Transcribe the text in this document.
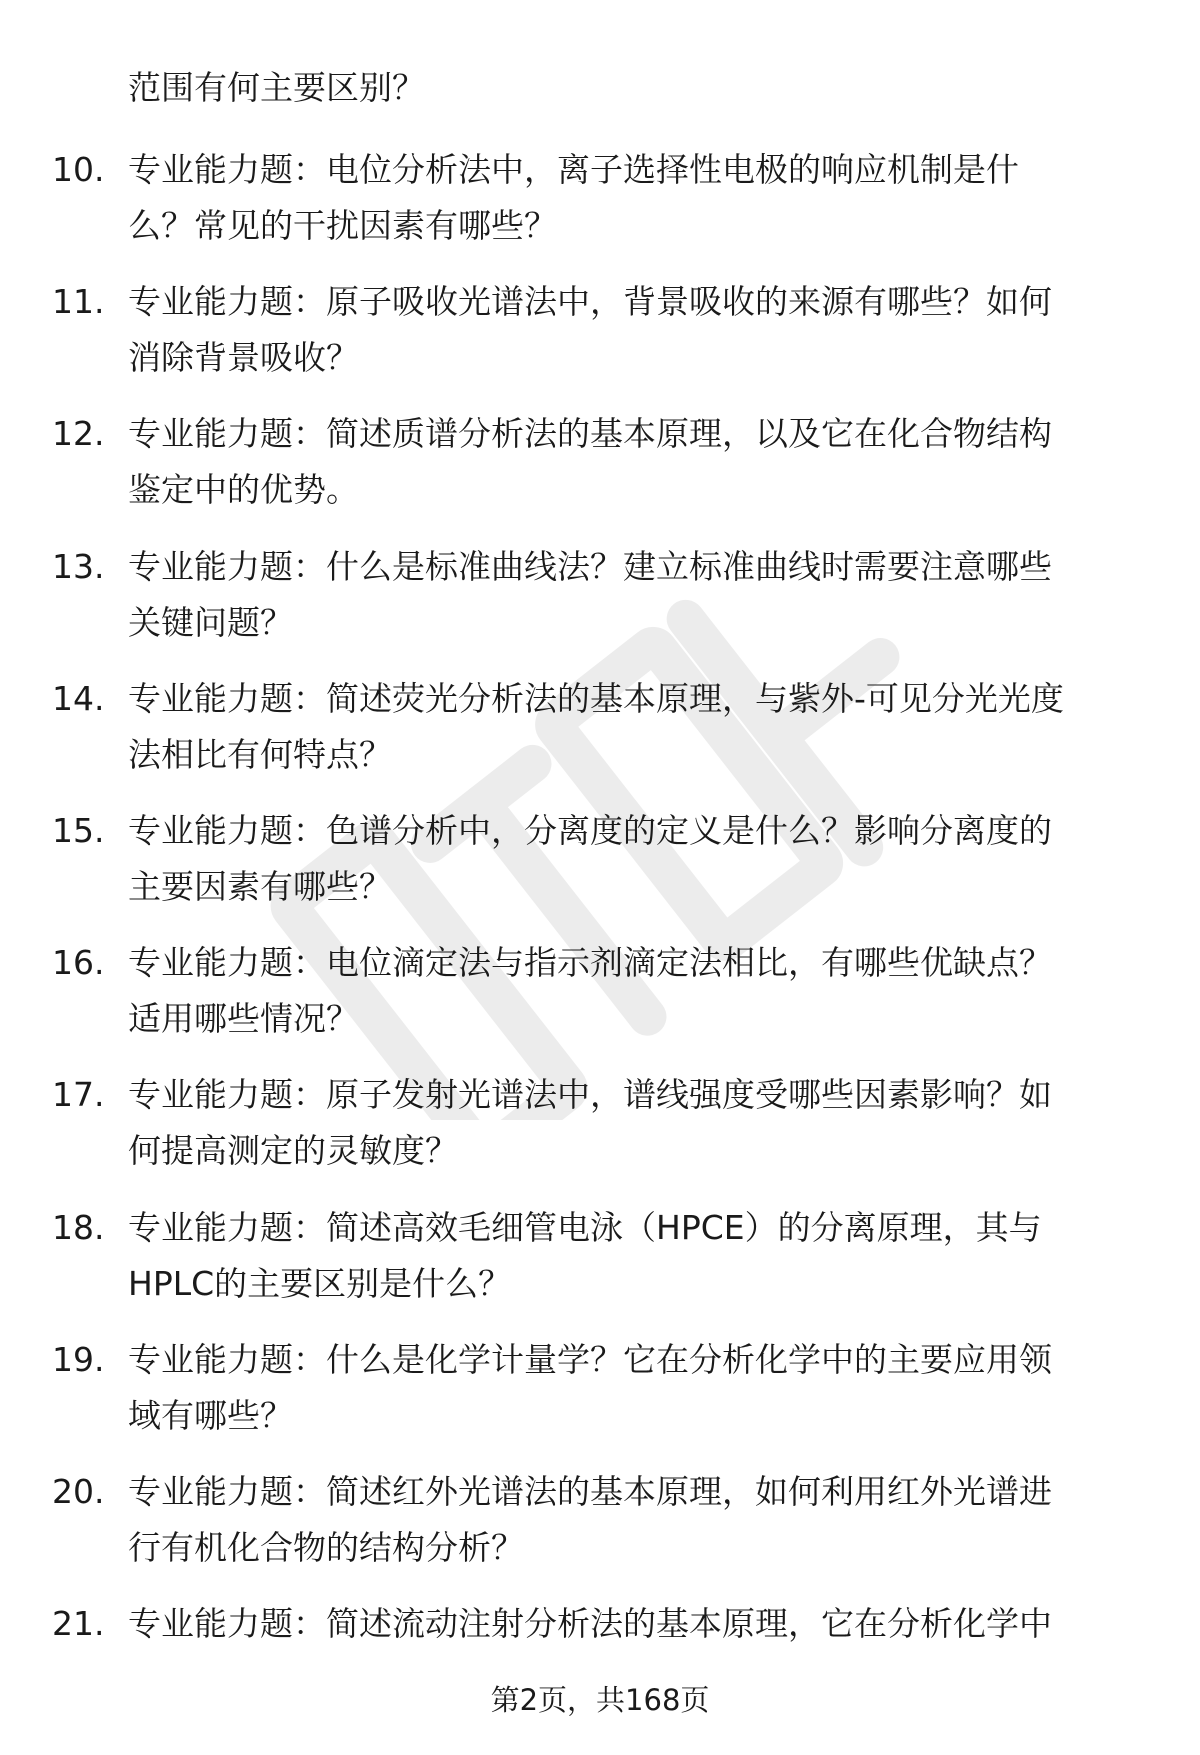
范围有何主要区别？
10. 专业能力题：电位分析法中，离子选择性电极的响应机制是什
么？常见的干扰因素有哪些？
11. 专业能力题：原子吸收光谱法中，背景吸收的来源有哪些？如何
消除背景吸收？
12. 专业能力题：简述质谱分析法的基本原理，以及它在化合物结构
鉴定中的优势。
13. 专业能力题：什么是标准曲线法？建立标准曲线时需要注意哪些
关键问题？
14. 专业能力题：简述荧光分析法的基本原理，与紫外-可见分光光度
法相比有何特点？
15. 专业能力题：色谱分析中，分离度的定义是什么？影响分离度的
主要因素有哪些？
16. 专业能力题：电位滴定法与指示剂滴定法相比，有哪些优缺点？
适用哪些情况？
17. 专业能力题：原子发射光谱法中，谱线强度受哪些因素影响？如
何提高测定的灵敏度？
18. 专业能力题：简述高效毛细管电泳（HPCE）的分离原理，其与
HPLC的主要区别是什么？
19. 专业能力题：什么是化学计量学？它在分析化学中的主要应用领
域有哪些？
20. 专业能力题：简述红外光谱法的基本原理，如何利用红外光谱进
行有机化合物的结构分析？
21. 专业能力题：简述流动注射分析法的基本原理，它在分析化学中
第2页，共168页
